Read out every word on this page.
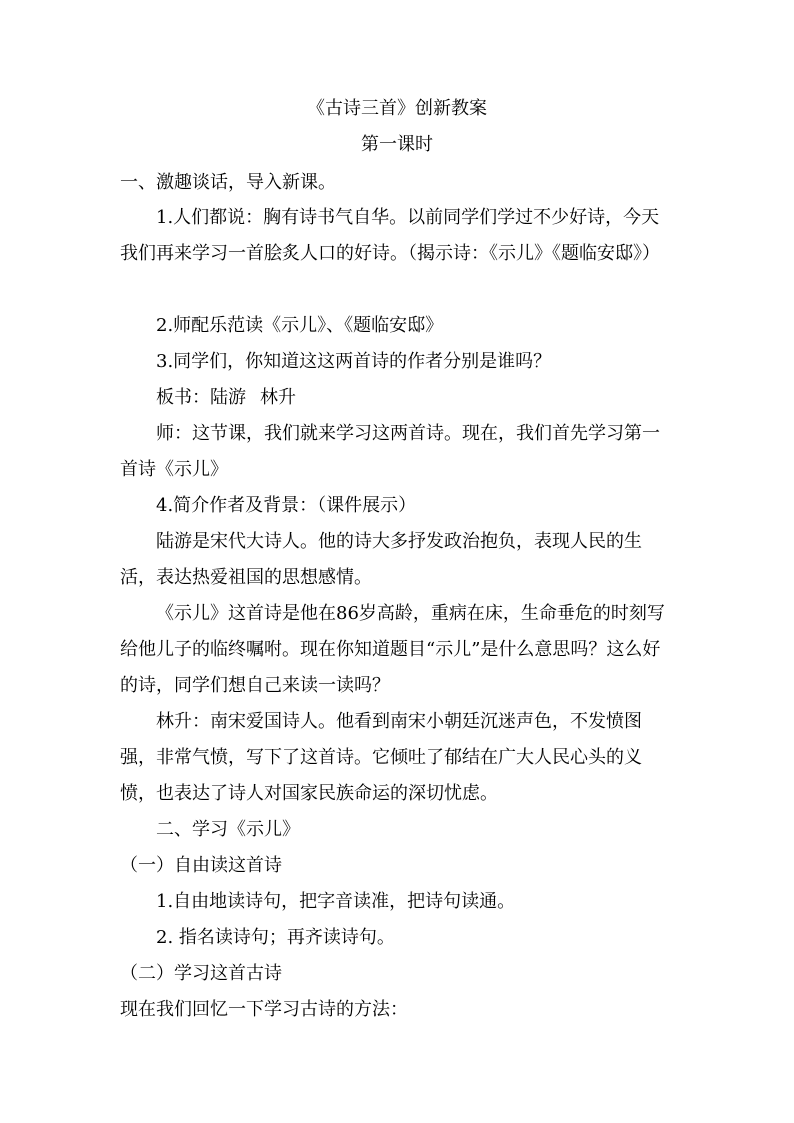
《古诗三首》创新教案
第一课时

一、激趣谈话，导入新课。

1.人们都说：胸有诗书气自华。以前同学们学过不少好诗，今天我们再来学习一首脍炙人口的好诗。（揭示诗：《示儿》《题临安邸》）

2.师配乐范读《示儿》、《题临安邸》

3.同学们，你知道这这两首诗的作者分别是谁吗？

板书：陆游 林升

师：这节课，我们就来学习这两首诗。现在，我们首先学习第一首诗《示儿》

4.简介作者及背景：（课件展示）

陆游是宋代大诗人。他的诗大多抒发政治抱负，表现人民的生活，表达热爱祖国的思想感情。

《示儿》这首诗是他在86岁高龄，重病在床，生命垂危的时刻写给他儿子的临终嘱咐。现在你知道题目“示儿”是什么意思吗？这么好的诗，同学们想自己来读一读吗？

林升：南宋爱国诗人。他看到南宋小朝廷沉迷声色，不发愤图强，非常气愤，写下了这首诗。它倾吐了郁结在广大人民心头的义愤，也表达了诗人对国家民族命运的深切忧虑。

二、学习《示儿》

（一）自由读这首诗

1.自由地读诗句，把字音读准，把诗句读通。

2. 指名读诗句；再齐读诗句。

（二）学习这首古诗

现在我们回忆一下学习古诗的方法：
